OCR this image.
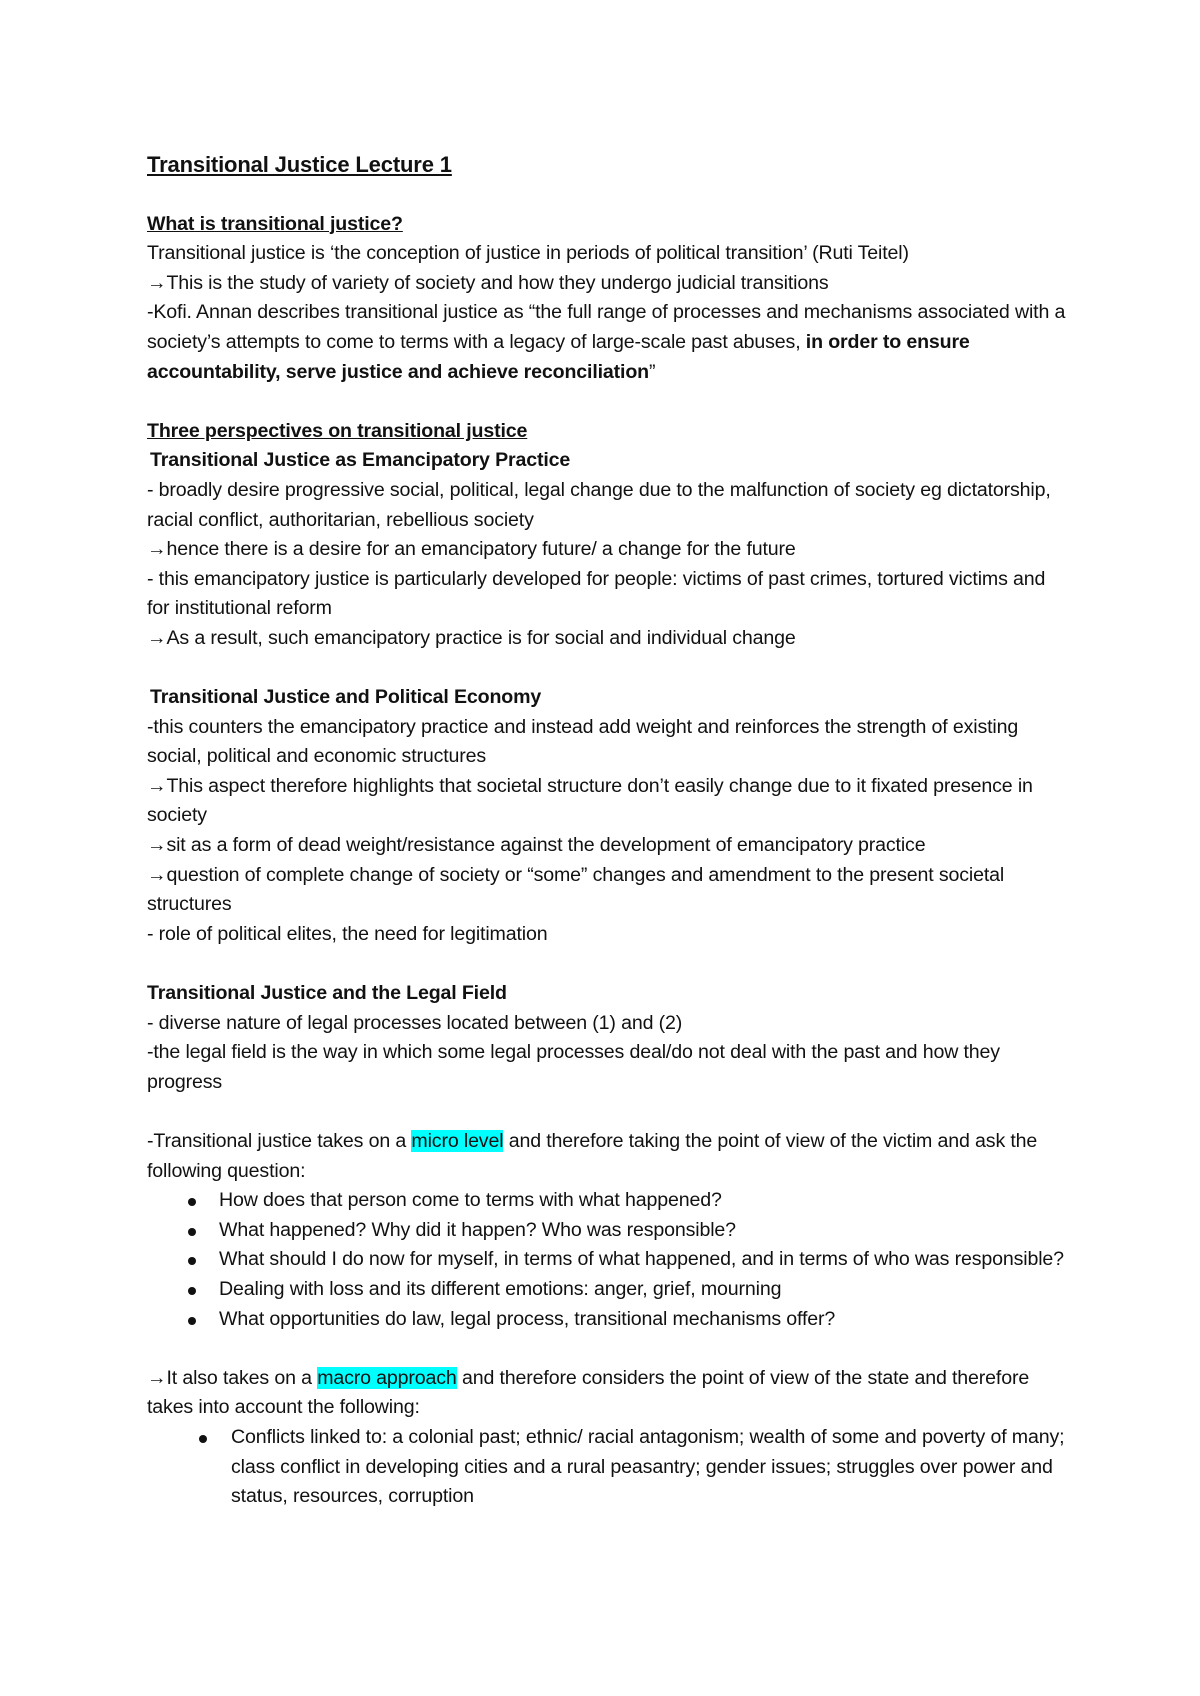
Transitional Justice Lecture 1

What is transitional justice?
Transitional justice is ‘the conception of justice in periods of political transition’ (Ruti Teitel)
→This is the study of variety of society and how they undergo judicial transitions
-Kofi. Annan describes transitional justice as “the full range of processes and mechanisms associated with a society’s attempts to come to terms with a legacy of large-scale past abuses, in order to ensure accountability, serve justice and achieve reconciliation”
Three perspectives on transitional justice
Transitional Justice as Emancipatory Practice
- broadly desire progressive social, political, legal change due to the malfunction of society eg dictatorship, racial conflict, authoritarian, rebellious society
→hence there is a desire for an emancipatory future/ a change for the future
- this emancipatory justice is particularly developed for people: victims of past crimes, tortured victims and for institutional reform
→As a result, such emancipatory practice is for social and individual change
Transitional Justice and Political Economy
-this counters the emancipatory practice and instead add weight and reinforces the strength of existing social, political and economic structures
→This aspect therefore highlights that societal structure don’t easily change due to it fixated presence in society
→sit as a form of dead weight/resistance against the development of emancipatory practice
→question of complete change of society or “some” changes and amendment to the present societal structures
- role of political elites, the need for legitimation
Transitional Justice and the Legal Field
- diverse nature of legal processes located between (1) and (2)
-the legal field is the way in which some legal processes deal/do not deal with the past and how they progress
-Transitional justice takes on a micro level and therefore taking the point of view of the victim and ask the following question:
How does that person come to terms with what happened?
What happened? Why did it happen? Who was responsible?
What should I do now for myself, in terms of what happened, and in terms of who was responsible?
Dealing with loss and its different emotions: anger, grief, mourning
What opportunities do law, legal process, transitional mechanisms offer?
→It also takes on a macro approach and therefore considers the point of view of the state and therefore takes into account the following:
Conflicts linked to: a colonial past; ethnic/ racial antagonism; wealth of some and poverty of many; class conflict in developing cities and a rural peasantry; gender issues; struggles over power and status, resources, corruption
